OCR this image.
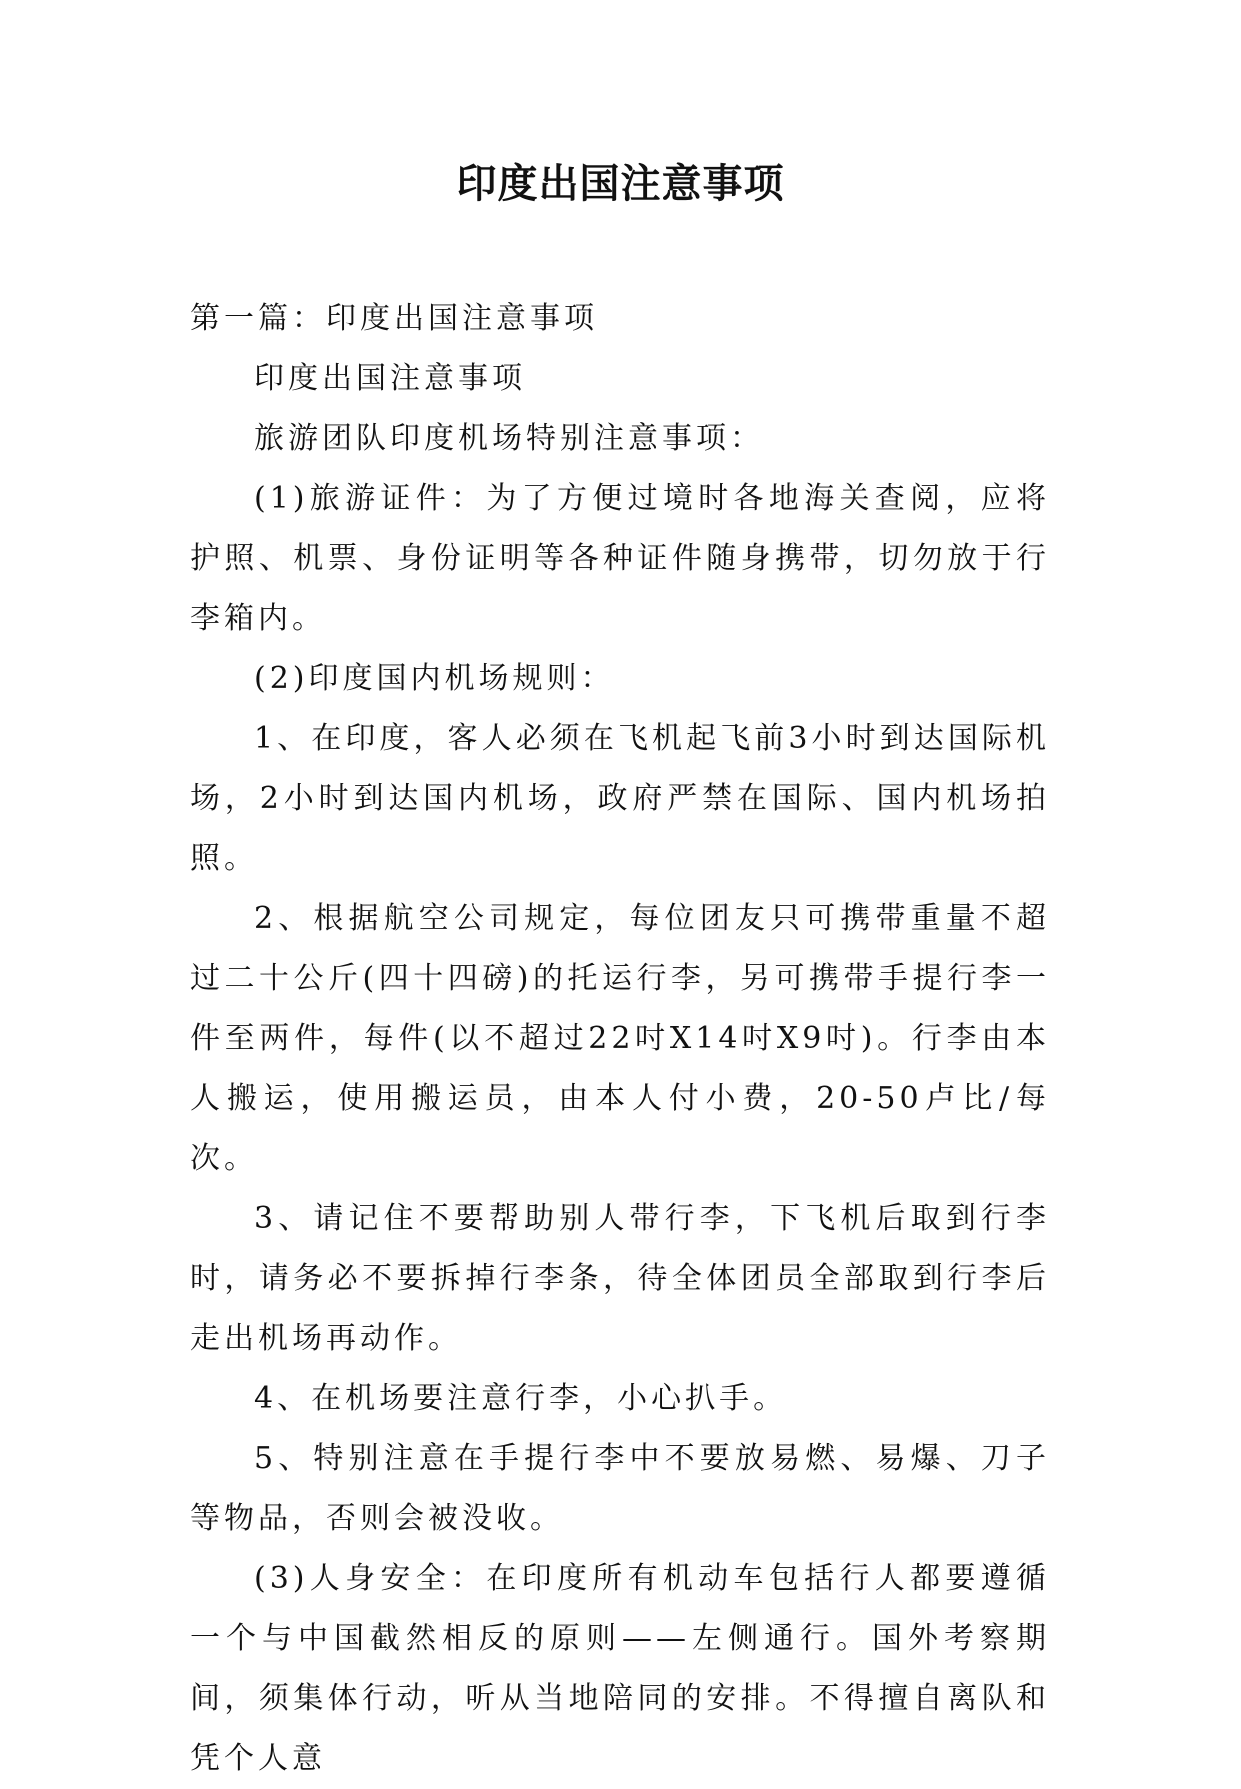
印度出国注意事项

第一篇：印度出国注意事项

印度出国注意事项

旅游团队印度机场特别注意事项：

(1)旅游证件：为了方便过境时各地海关查阅，应将护照、机票、身份证明等各种证件随身携带，切勿放于行李箱内。

(2)印度国内机场规则：

1、在印度，客人必须在飞机起飞前3小时到达国际机场，2小时到达国内机场，政府严禁在国际、国内机场拍照。

2、根据航空公司规定，每位团友只可携带重量不超过二十公斤(四十四磅)的托运行李，另可携带手提行李一件至两件，每件(以不超过22吋X14吋X9吋)。行李由本人搬运，使用搬运员，由本人付小费，20-50卢比/每次。

3、请记住不要帮助别人带行李，下飞机后取到行李时，请务必不要拆掉行李条，待全体团员全部取到行李后走出机场再动作。

4、在机场要注意行李，小心扒手。

5、特别注意在手提行李中不要放易燃、易爆、刀子等物品，否则会被没收。

(3)人身安全：在印度所有机动车包括行人都要遵循一个与中国截然相反的原则——左侧通行。国外考察期间，须集体行动，听从当地陪同的安排。不得擅自离队和凭个人意
